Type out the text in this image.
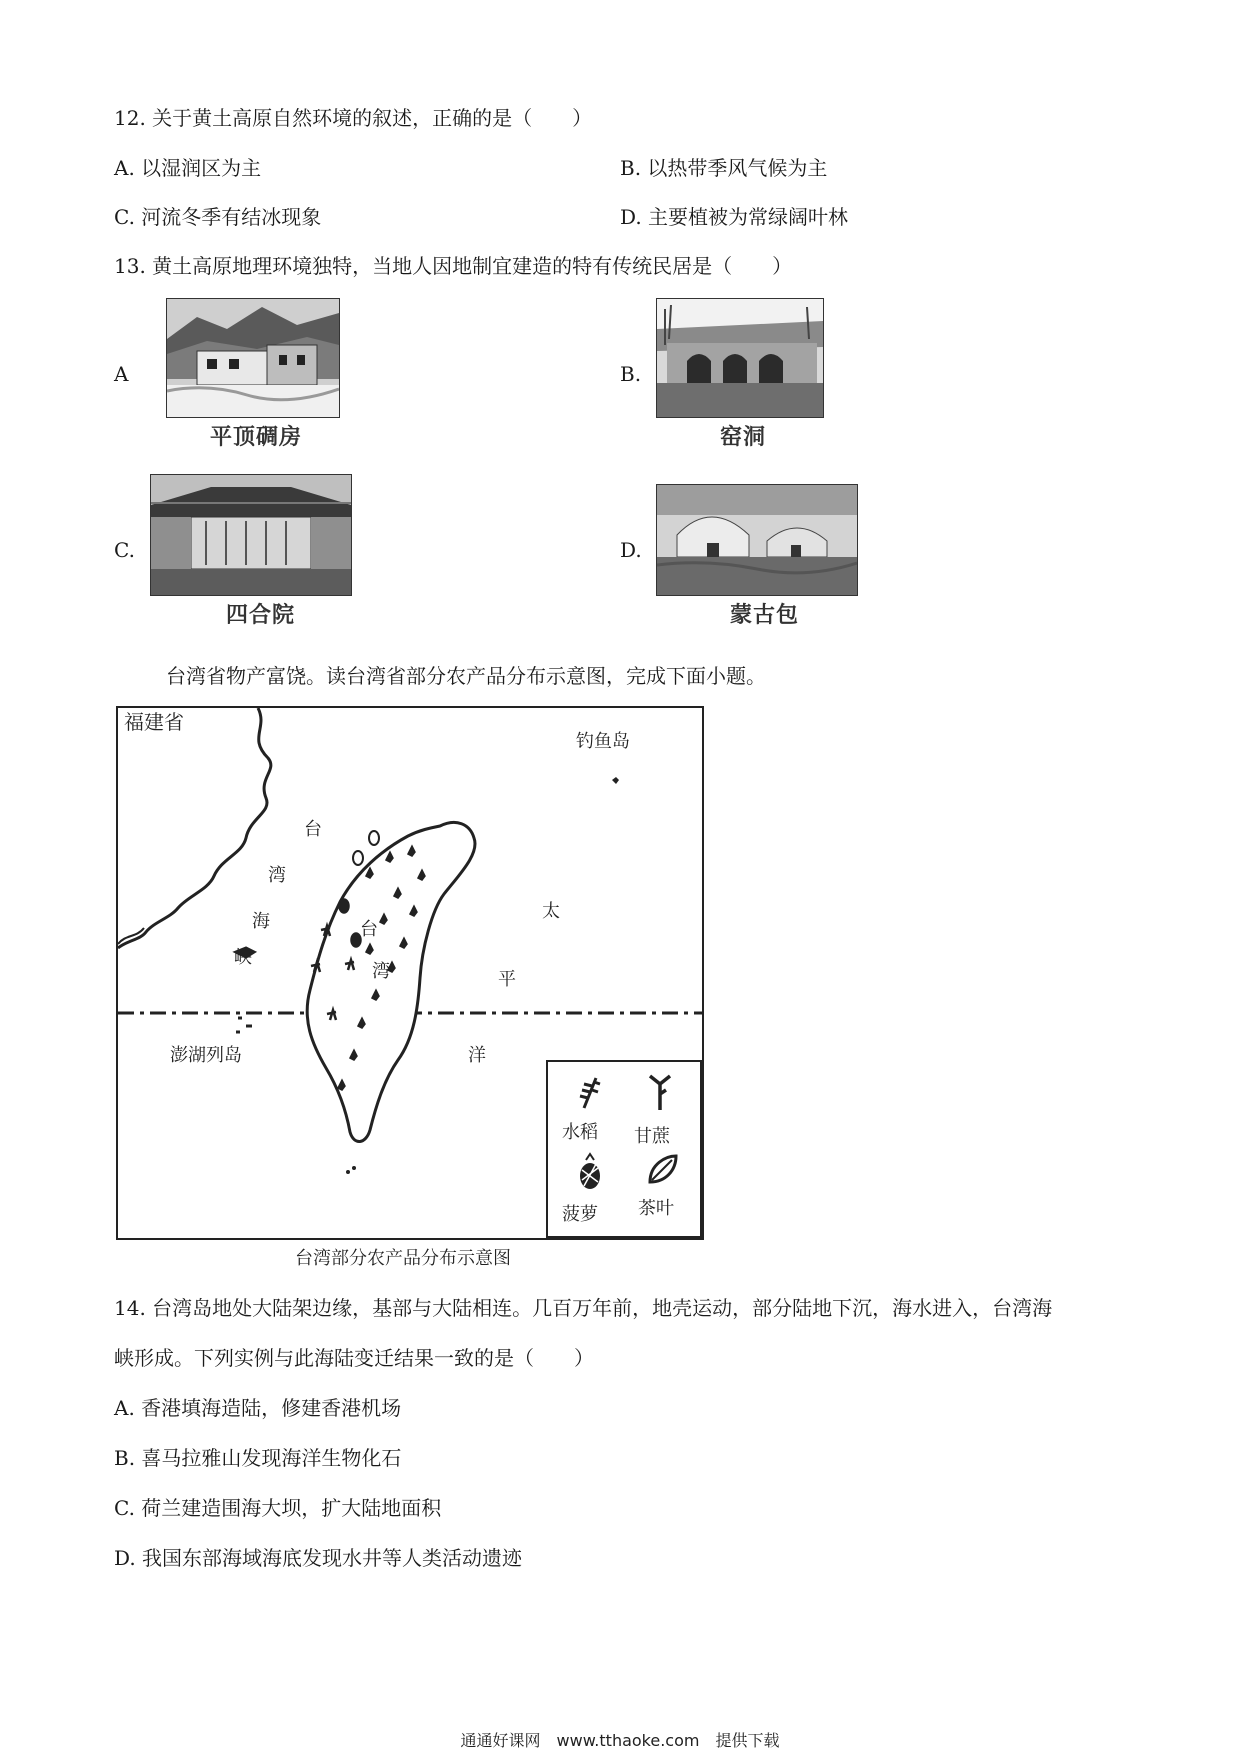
12. 关于黄土高原自然环境的叙述，正确的是（　　）
A. 以湿润区为主	B. 以热带季风气候为主
C. 河流冬季有结冰现象	D. 主要植被为常绿阔叶林
13. 黄土高原地理环境独特，当地人因地制宜建造的特有传统民居是（　　）
A
平顶碉房
B.
窑洞
C.
四合院
D.
蒙古包
台湾省物产富饶。读台湾省部分农产品分布示意图，完成下面小题。
福建省
钓鱼岛
台
湾
海
峡
台
湾
太
平
洋
澎湖列岛
水稻 甘蔗
菠萝 茶叶
台湾部分农产品分布示意图
14. 台湾岛地处大陆架边缘，基部与大陆相连。几百万年前，地壳运动，部分陆地下沉，海水进入，台湾海
峡形成。下列实例与此海陆变迁结果一致的是（　　）
A. 香港填海造陆，修建香港机场
B. 喜马拉雅山发现海洋生物化石
C. 荷兰建造围海大坝，扩大陆地面积
D. 我国东部海域海底发现水井等人类活动遗迹
通通好课网　www.tthaoke.com　提供下载
